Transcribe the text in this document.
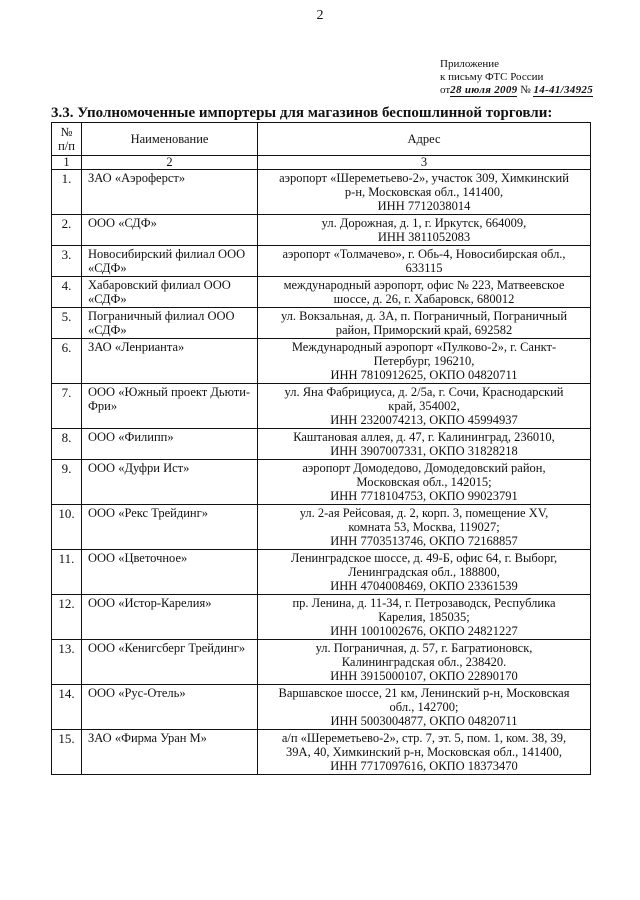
2
Приложение
к письму ФТС России
от28 июля 2009 № 14-41/34925
3.3. Уполномоченные импортеры для магазинов беспошлинной торговли:
№ п/п	Наименование	Адрес
1	2	3
1.	ЗАО «Аэроферст»	аэропорт «Шереметьево-2», участок 309, Химкинский
р-н, Московская обл., 141400,
ИНН 7712038014

2.	ООО «СДФ»	ул. Дорожная, д. 1, г. Иркутск, 664009,
ИНН 3811052083

3.	Новосибирский филиал ООО «СДФ»	аэропорт «Толмачево», г. Обь-4, Новосибирская обл.,
633115

4.	Хабаровский филиал ООО «СДФ»	международный аэропорт, офис № 223, Матвеевское
шоссе, д. 26, г. Хабаровск, 680012

5.	Пограничный филиал ООО «СДФ»	ул. Вокзальная, д. 3А, п. Пограничный, Пограничный
район, Приморский край, 692582

6.	ЗАО «Ленрианта»	Международный аэропорт «Пулково-2», г. Санкт-
Петербург, 196210,
ИНН 7810912625, ОКПО 04820711

7.	ООО «Южный проект Дьюти-Фри»	ул. Яна Фабрициуса, д. 2/5а, г. Сочи, Краснодарский
край, 354002,
ИНН 2320074213, ОКПО 45994937

8.	ООО «Филипп»	Каштановая аллея, д. 47, г. Калининград, 236010,
ИНН 3907007331, ОКПО 31828218

9.	ООО «Дуфри Ист»	аэропорт Домодедово, Домодедовский район,
Московская обл., 142015;
ИНН 7718104753, ОКПО 99023791

10.	ООО «Рекс Трейдинг»	ул. 2-ая Рейсовая, д. 2, корп. 3, помещение XV,
комната 53, Москва, 119027;
ИНН 7703513746, ОКПО 72168857

11.	ООО «Цветочное»	Ленинградское шоссе, д. 49-Б, офис 64, г. Выборг,
Ленинградская обл., 188800,
ИНН 4704008469, ОКПО 23361539

12.	ООО «Истор-Карелия»	пр. Ленина, д. 11-34, г. Петрозаводск, Республика
Карелия, 185035;
ИНН 1001002676, ОКПО 24821227

13.	ООО «Кенигсберг Трейдинг»	ул. Пограничная, д. 57, г. Багратионовск,
Калининградская обл., 238420.
ИНН 3915000107, ОКПО 22890170

14.	ООО «Рус-Отель»	Варшавское шоссе, 21 км, Ленинский р-н, Московская
обл., 142700;
ИНН 5003004877, ОКПО 04820711

15.	ЗАО «Фирма Уран М»	а/п «Шереметьево-2», стр. 7, эт. 5, пом. 1, ком. 38, 39,
39А, 40, Химкинский р-н, Московская обл., 141400,
ИНН 7717097616, ОКПО 18373470
